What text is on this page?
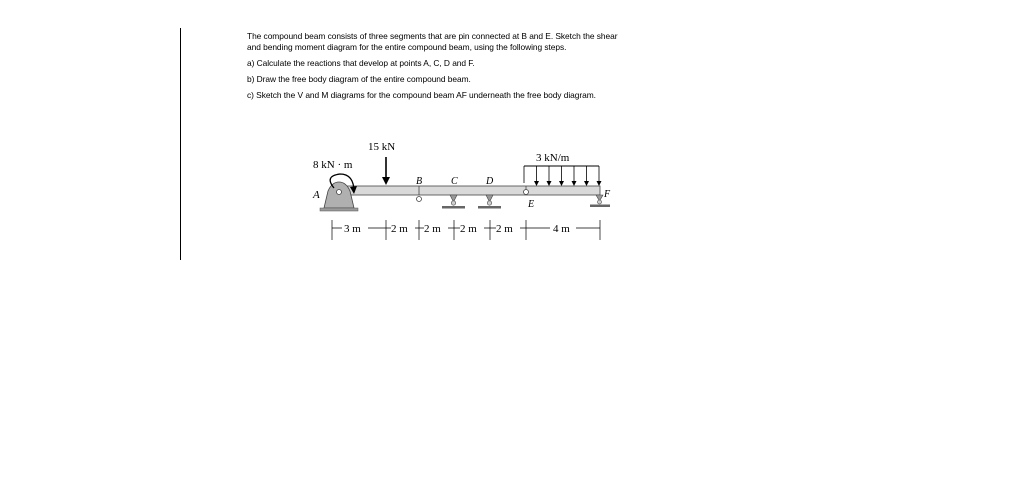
The compound beam consists of three segments that are pin connected at B and E. Sketch the shear

and bending moment diagram for the entire compound beam, using the following steps.

a) Calculate the reactions that develop at points A, C, D and F.

b) Draw the free body diagram of the entire compound beam.

c) Sketch the V and M diagrams for the compound beam AF underneath the free body diagram.

15 kN
8 kN · m
3 kN/m
A
B	C	D
E
F
3 m	2 m 2 m 2 m 2 m	4 m
